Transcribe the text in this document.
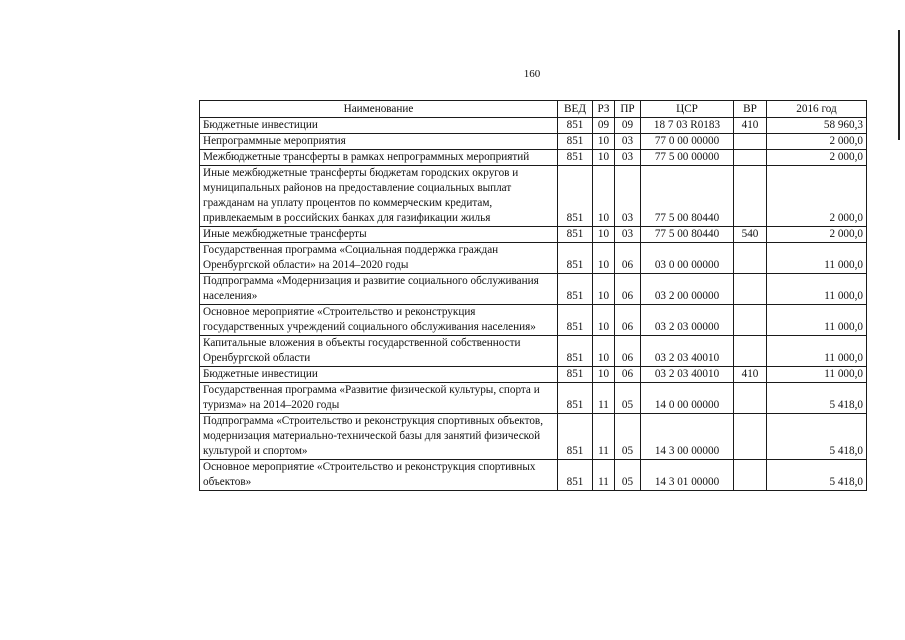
160
Наименование	ВЕД	РЗ	ПР	ЦСР	ВР	2016 год
Бюджетные инвестиции	851	09	09	18 7 03 R0183	410	58 960,3
Непрограммные мероприятия	851	10	03	77 0 00 00000		2 000,0
Межбюджетные трансферты в рамках непрограммных мероприятий	851	10	03	77 5 00 00000		2 000,0
Иные межбюджетные трансферты бюджетам городских округов и муниципальных районов на предоставление социальных выплат гражданам на уплату процентов по коммерческим кредитам, привлекаемым в российских банках для газификации жилья	851	10	03	77 5 00 80440		2 000,0
Иные межбюджетные трансферты	851	10	03	77 5 00 80440	540	2 000,0
Государственная программа «Социальная поддержка граждан Оренбургской области» на 2014–2020 годы	851	10	06	03 0 00 00000		11 000,0
Подпрограмма «Модернизация и развитие социального обслуживания населения»	851	10	06	03 2 00 00000		11 000,0
Основное мероприятие «Строительство и реконструкция государственных учреждений социального обслуживания населения»	851	10	06	03 2 03 00000		11 000,0
Капитальные вложения в объекты государственной собственности Оренбургской области	851	10	06	03 2 03 40010		11 000,0
Бюджетные инвестиции	851	10	06	03 2 03 40010	410	11 000,0
Государственная программа «Развитие физической культуры, спорта и туризма» на 2014–2020 годы	851	11	05	14 0 00 00000		5 418,0
Подпрограмма «Строительство и реконструкция спортивных объектов, модернизация материально-технической базы для занятий физической культурой и спортом»	851	11	05	14 3 00 00000		5 418,0
Основное мероприятие «Строительство и реконструкция спортивных объектов»	851	11	05	14 3 01 00000		5 418,0
